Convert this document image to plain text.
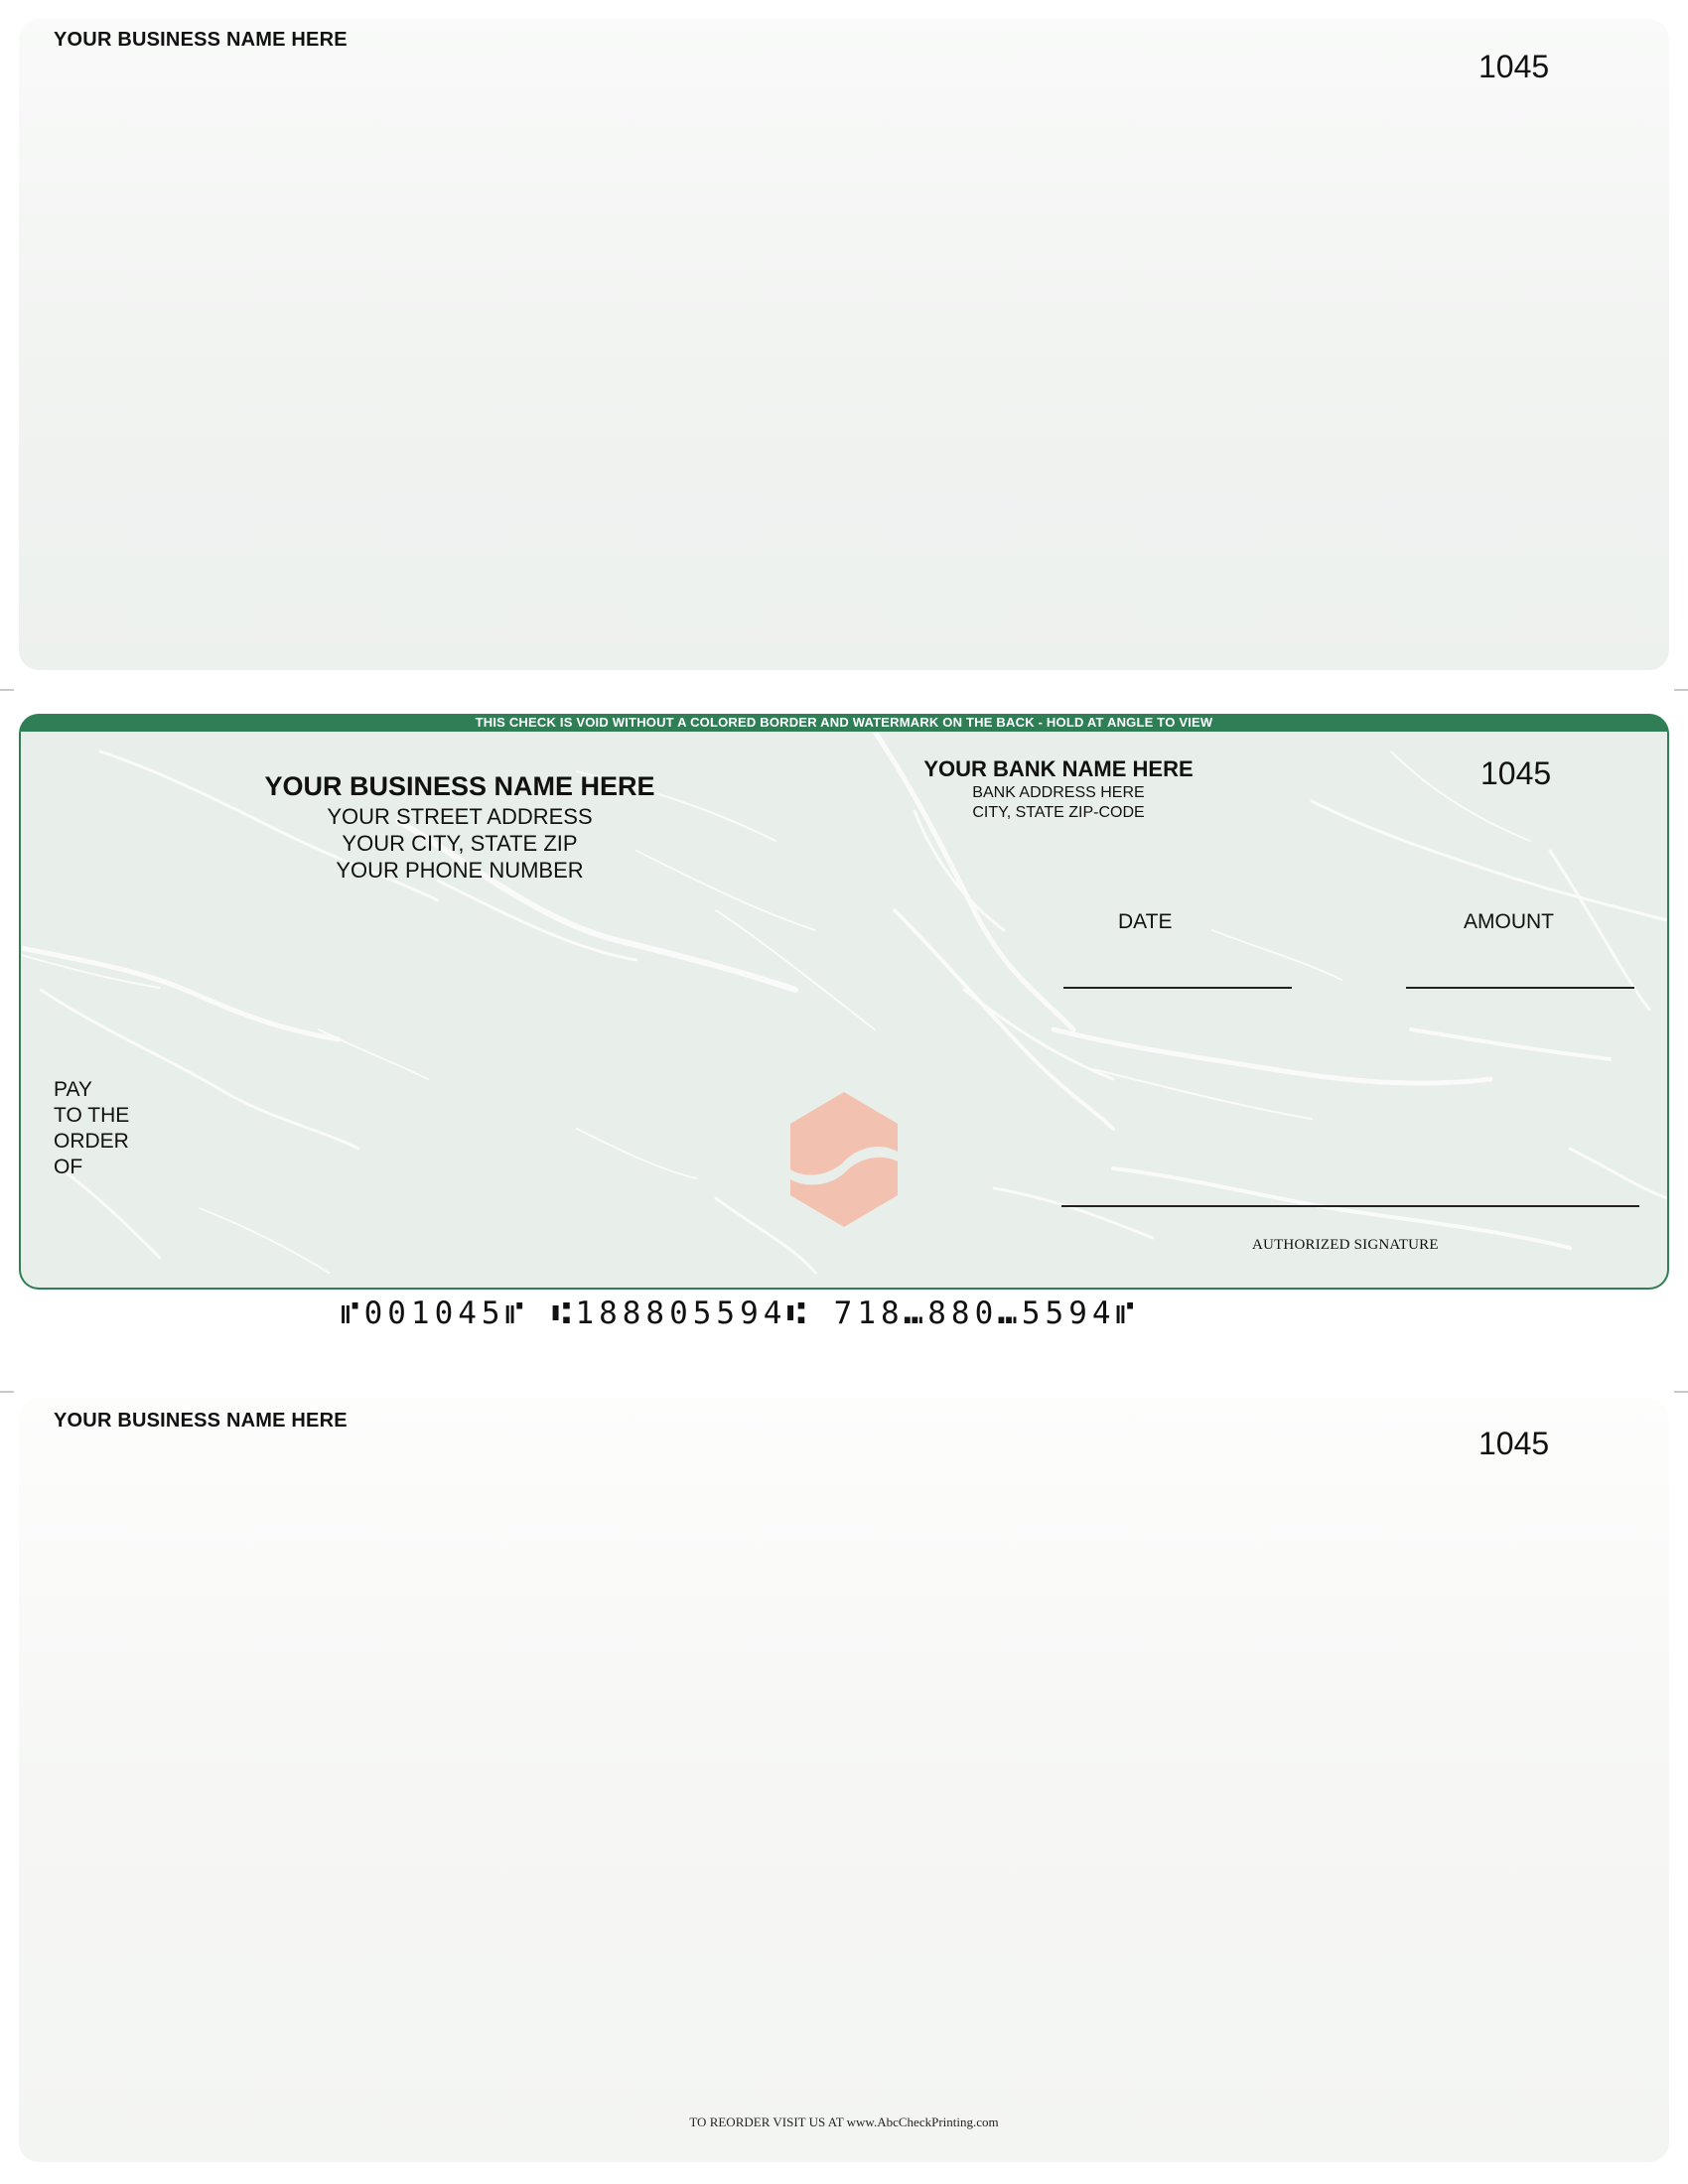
YOUR BUSINESS NAME HERE
1045
THIS CHECK IS VOID WITHOUT A COLORED BORDER AND WATERMARK ON THE BACK - HOLD AT ANGLE TO VIEW
YOUR BUSINESS NAME HERE
YOUR STREET ADDRESS
YOUR CITY, STATE ZIP
YOUR PHONE NUMBER
YOUR BANK NAME HERE
BANK ADDRESS HERE
CITY, STATE ZIP-CODE
1045
DATE	AMOUNT
PAY
TO THE
ORDER
OF
AUTHORIZED SIGNATURE
⑈001045⑈ ⑆188805594⑆ 718⑉880⑉5594⑈
YOUR BUSINESS NAME HERE
1045
TO REORDER VISIT US AT www.AbcCheckPrinting.com
